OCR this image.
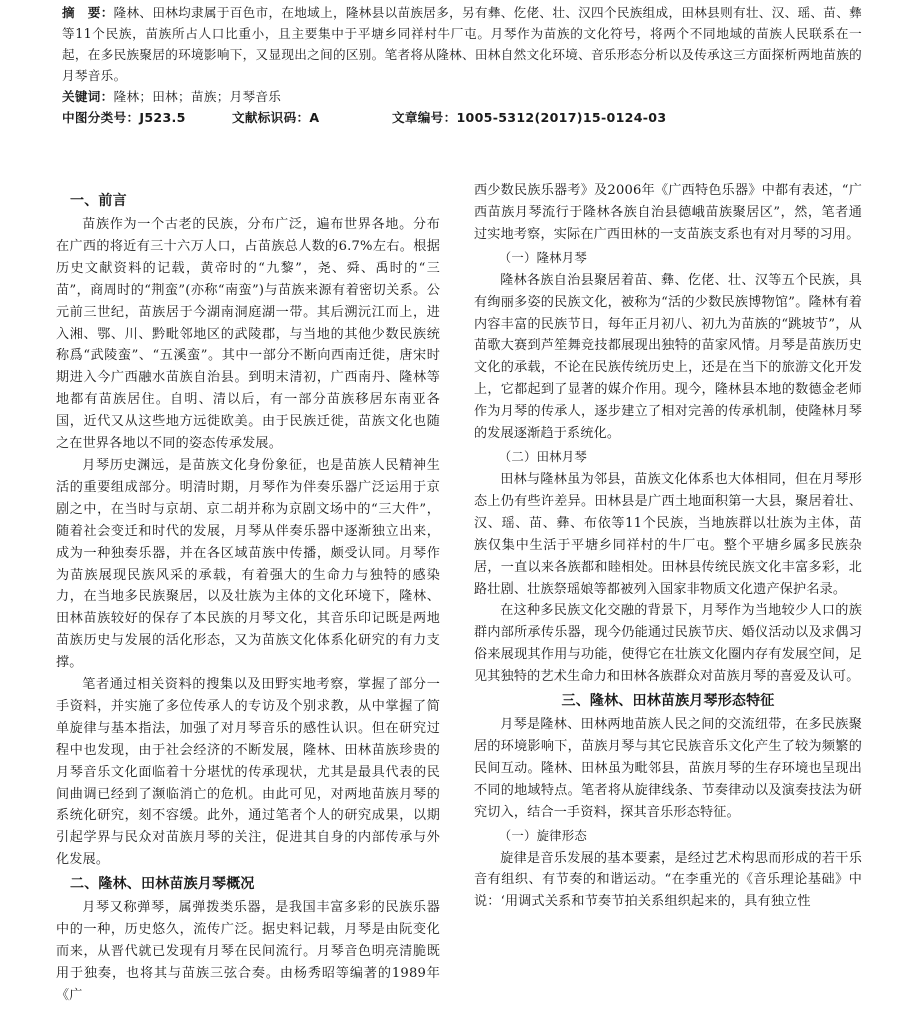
摘　要：隆林、田林均隶属于百色市，在地域上，隆林县以苗族居多，另有彝、仡佬、壮、汉四个民族组成，田林县则有壮、汉、瑶、苗、彝等11个民族，苗族所占人口比重小，且主要集中于平塘乡同祥村牛厂屯。月琴作为苗族的文化符号，将两个不同地域的苗族人民联系在一起，在多民族聚居的环境影响下，又显现出之间的区别。笔者将从隆林、田林自然文化环境、音乐形态分析以及传承这三方面探析两地苗族的月琴音乐。

关键词：隆林；田林；苗族；月琴音乐

中图分类号：J523.5	文献标识码：A	文章编号：1005-5312(2017)15-0124-03
一、前言

苗族作为一个古老的民族，分布广泛，遍布世界各地。分布在广西的将近有三十六万人口，占苗族总人数的6.7%左右。根据历史文献资料的记载，黄帝时的“九黎”，尧、舜、禹时的“三苗”，商周时的“荆蛮”(亦称“南蛮”)与苗族来源有着密切关系。公元前三世纪，苗族居于今湖南洞庭湖一带。其后溯沅江而上，进入湘、鄂、川、黔毗邻地区的武陵郡，与当地的其他少数民族统称爲“武陵蛮”、“五溪蛮”。其中一部分不断向西南迁徙，唐宋时期进入今广西融水苗族自治县。到明末清初，广西南丹、隆林等地都有苗族居住。自明、清以后，有一部分苗族移居东南亚各国，近代又从这些地方远徙欧美。由于民族迁徙，苗族文化也随之在世界各地以不同的姿态传承发展。

月琴历史渊远，是苗族文化身份象征，也是苗族人民精神生活的重要组成部分。明清时期，月琴作为伴奏乐器广泛运用于京剧之中，在当时与京胡、京二胡并称为京剧文场中的“三大件”，随着社会变迁和时代的发展，月琴从伴奏乐器中逐渐独立出来，成为一种独奏乐器，并在各区域苗族中传播，颇受认同。月琴作为苗族展现民族风采的承载，有着强大的生命力与独特的感染力，在当地多民族聚居，以及壮族为主体的文化环境下，隆林、田林苗族较好的保存了本民族的月琴文化，其音乐印记既是两地苗族历史与发展的活化形态，又为苗族文化体系化研究的有力支撑。

笔者通过相关资料的搜集以及田野实地考察，掌握了部分一手资料，并实施了多位传承人的专访及个别求教，从中掌握了简单旋律与基本指法，加强了对月琴音乐的感性认识。但在研究过程中也发现，由于社会经济的不断发展，隆林、田林苗族珍贵的月琴音乐文化面临着十分堪忧的传承现状，尤其是最具代表的民间曲调已经到了濒临消亡的危机。由此可见，对两地苗族月琴的系统化研究，刻不容缓。此外，通过笔者个人的研究成果，以期引起学界与民众对苗族月琴的关注，促进其自身的内部传承与外化发展。

二、隆林、田林苗族月琴概况

月琴又称弹琴，属弹拨类乐器，是我国丰富多彩的民族乐器中的一种，历史悠久，流传广泛。据史料记载，月琴是由阮变化而来，从晋代就已发现有月琴在民间流行。月琴音色明亮清脆既用于独奏，也将其与苗族三弦合奏。由杨秀昭等编著的1989年《广

西少数民族乐器考》及2006年《广西特色乐器》中都有表述，“广西苗族月琴流行于隆林各族自治县德峨苗族聚居区”，然，笔者通过实地考察，实际在广西田林的一支苗族支系也有对月琴的习用。

（一）隆林月琴

隆林各族自治县聚居着苗、彝、仡佬、壮、汉等五个民族，具有绚丽多姿的民族文化，被称为“活的少数民族博物馆”。隆林有着内容丰富的民族节日，每年正月初八、初九为苗族的“跳坡节”，从苗歌大赛到芦笙舞竞技都展现出独特的苗家风情。月琴是苗族历史文化的承载，不论在民族传统历史上，还是在当下的旅游文化开发上，它都起到了显著的媒介作用。现今，隆林县本地的数德金老师作为月琴的传承人，逐步建立了相对完善的传承机制，使隆林月琴的发展逐渐趋于系统化。

（二）田林月琴

田林与隆林虽为邻县，苗族文化体系也大体相同，但在月琴形态上仍有些许差异。田林县是广西土地面积第一大县，聚居着壮、汉、瑶、苗、彝、布依等11个民族，当地族群以壮族为主体，苗族仅集中生活于平塘乡同祥村的牛厂屯。整个平塘乡属多民族杂居，一直以来各族都和睦相处。田林县传统民族文化丰富多彩，北路壮剧、壮族祭瑶娘等都被列入国家非物质文化遗产保护名录。

在这种多民族文化交融的背景下，月琴作为当地较少人口的族群内部所承传乐器，现今仍能通过民族节庆、婚仪活动以及求偶习俗来展现其作用与功能，使得它在壮族文化圈内存有发展空间，足见其独特的艺术生命力和田林各族群众对苗族月琴的喜爱及认可。

三、隆林、田林苗族月琴形态特征

月琴是隆林、田林两地苗族人民之间的交流纽带，在多民族聚居的环境影响下，苗族月琴与其它民族音乐文化产生了较为频繁的民间互动。隆林、田林虽为毗邻县，苗族月琴的生存环境也呈现出不同的地域特点。笔者将从旋律线条、节奏律动以及演奏技法为研究切入，结合一手资料，探其音乐形态特征。

（一）旋律形态

旋律是音乐发展的基本要素，是经过艺术构思而形成的若干乐音有组织、有节奏的和谐运动。“在李重光的《音乐理论基础》中说：‘用调式关系和节奏节拍关系组织起来的，具有独立性
